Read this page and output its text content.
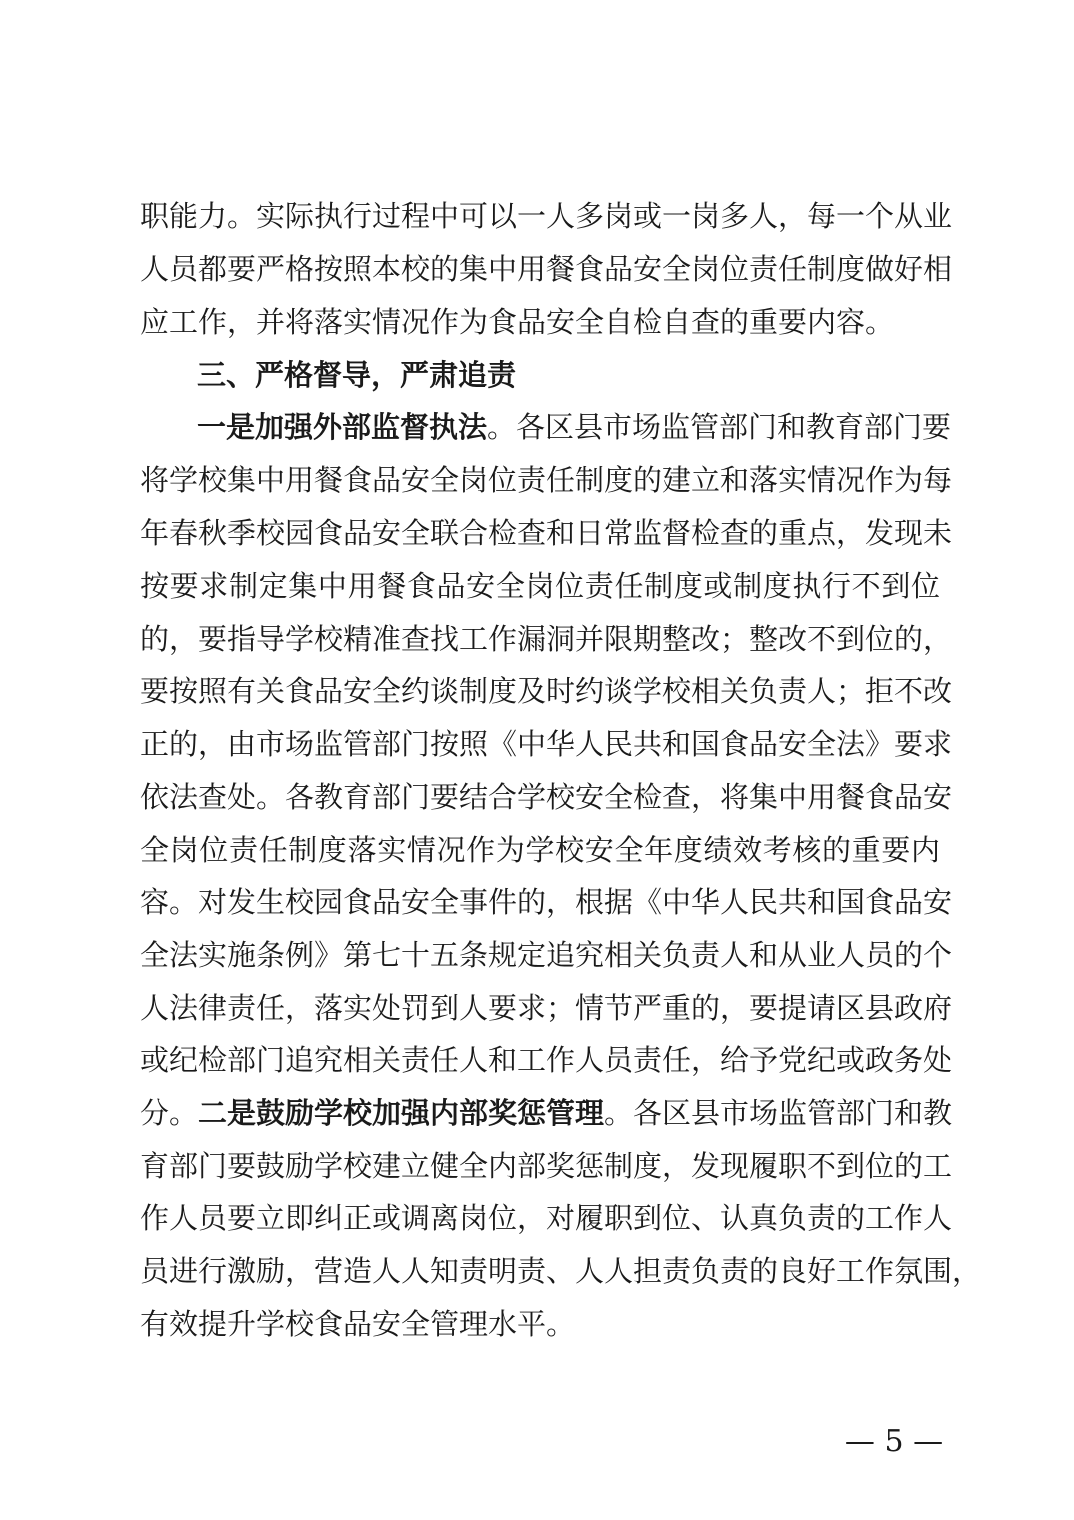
职能力。实际执行过程中可以一人多岗或一岗多人，每一个从业
人员都要严格按照本校的集中用餐食品安全岗位责任制度做好相
应工作，并将落实情况作为食品安全自检自查的重要内容。
三、严格督导，严肃追责
一是加强外部监督执法。各区县市场监管部门和教育部门要
将学校集中用餐食品安全岗位责任制度的建立和落实情况作为每
年春秋季校园食品安全联合检查和日常监督检查的重点，发现未
按要求制定集中用餐食品安全岗位责任制度或制度执行不到位
的，要指导学校精准查找工作漏洞并限期整改；整改不到位的，
要按照有关食品安全约谈制度及时约谈学校相关负责人；拒不改
正的，由市场监管部门按照《中华人民共和国食品安全法》要求
依法查处。各教育部门要结合学校安全检查，将集中用餐食品安
全岗位责任制度落实情况作为学校安全年度绩效考核的重要内
容。对发生校园食品安全事件的，根据《中华人民共和国食品安
全法实施条例》第七十五条规定追究相关负责人和从业人员的个
人法律责任，落实处罚到人要求；情节严重的，要提请区县政府
或纪检部门追究相关责任人和工作人员责任，给予党纪或政务处
分。二是鼓励学校加强内部奖惩管理。各区县市场监管部门和教
育部门要鼓励学校建立健全内部奖惩制度，发现履职不到位的工
作人员要立即纠正或调离岗位，对履职到位、认真负责的工作人
员进行激励，营造人人知责明责、人人担责负责的良好工作氛围，
有效提升学校食品安全管理水平。
— 5 —
